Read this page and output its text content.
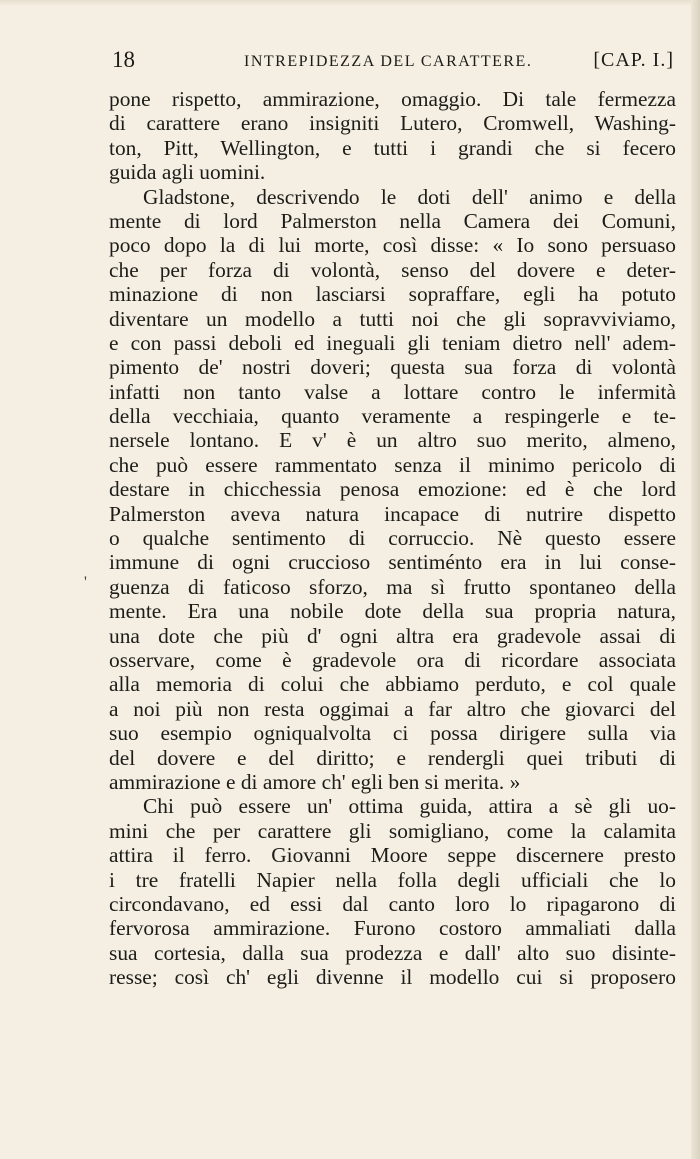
18	INTREPIDEZZA DEL CARATTERE.	[CAP. I.]
'
pone rispetto, ammirazione, omaggio. Di tale fermezza
di carattere erano insigniti Lutero, Cromwell, Washing-
ton, Pitt, Wellington, e tutti i grandi che si fecero
guida agli uomini.
Gladstone, descrivendo le doti dell' animo e della
mente di lord Palmerston nella Camera dei Comuni,
poco dopo la di lui morte, così disse: « Io sono persuaso
che per forza di volontà, senso del dovere e deter-
minazione di non lasciarsi sopraffare, egli ha potuto
diventare un modello a tutti noi che gli sopravviviamo,
e con passi deboli ed ineguali gli teniam dietro nell' adem-
pimento de' nostri doveri; questa sua forza di volontà
infatti non tanto valse a lottare contro le infermità
della vecchiaia, quanto veramente a respingerle e te-
nersele lontano. E v' è un altro suo merito, almeno,
che può essere rammentato senza il minimo pericolo di
destare in chicchessia penosa emozione: ed è che lord
Palmerston aveva natura incapace di nutrire dispetto
o qualche sentimento di corruccio. Nè questo essere
immune di ogni cruccioso sentiménto era in lui conse-
guenza di faticoso sforzo, ma sì frutto spontaneo della
mente. Era una nobile dote della sua propria natura,
una dote che più d' ogni altra era gradevole assai di
osservare, come è gradevole ora di ricordare associata
alla memoria di colui che abbiamo perduto, e col quale
a noi più non resta oggimai a far altro che giovarci del
suo esempio ogniqualvolta ci possa dirigere sulla via
del dovere e del diritto; e rendergli quei tributi di
ammirazione e di amore ch' egli ben si merita. »
Chi può essere un' ottima guida, attira a sè gli uo-
mini che per carattere gli somigliano, come la calamita
attira il ferro. Giovanni Moore seppe discernere presto
i tre fratelli Napier nella folla degli ufficiali che lo
circondavano, ed essi dal canto loro lo ripagarono di
fervorosa ammirazione. Furono costoro ammaliati dalla
sua cortesia, dalla sua prodezza e dall' alto suo disinte-
resse; così ch' egli divenne il modello cui si proposero
